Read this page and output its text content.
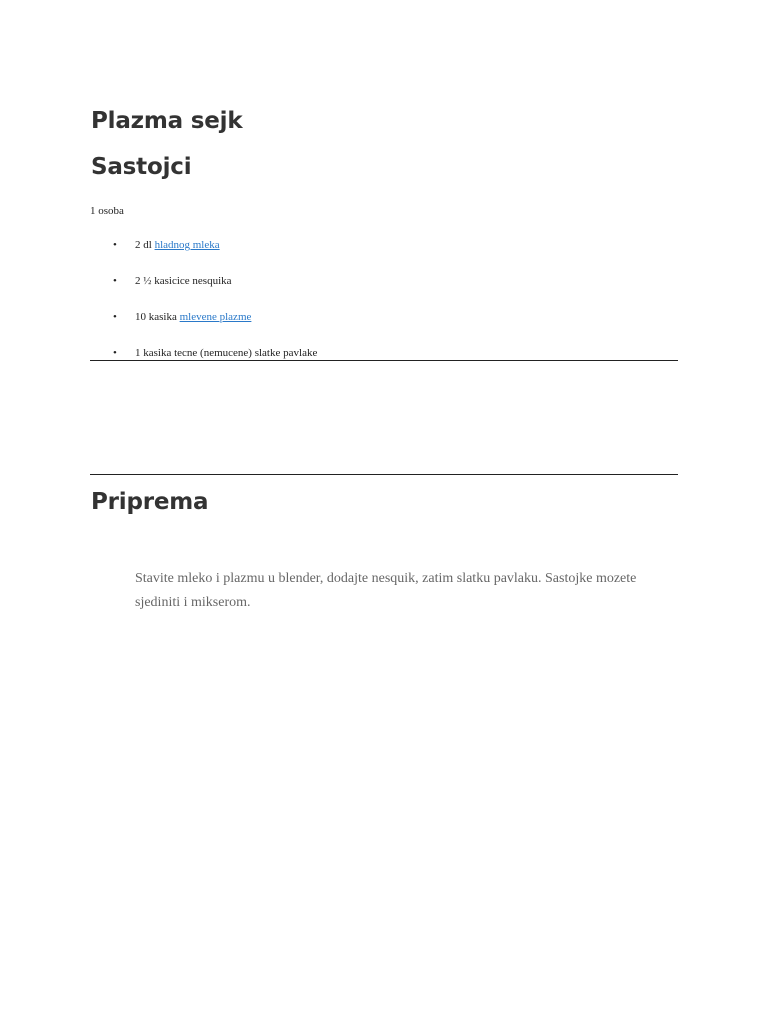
Plazma sejk
Sastojci
1 osoba
• 2 dl hladnog mleka
• 2 ½ kasicice nesquika
• 10 kasika mlevene plazme
• 1 kasika tecne (nemucene) slatke pavlake
Priprema

Stavite mleko i plazmu u blender, dodajte nesquik, zatim slatku pavlaku. Sastojke mozete sjediniti i mikserom.
